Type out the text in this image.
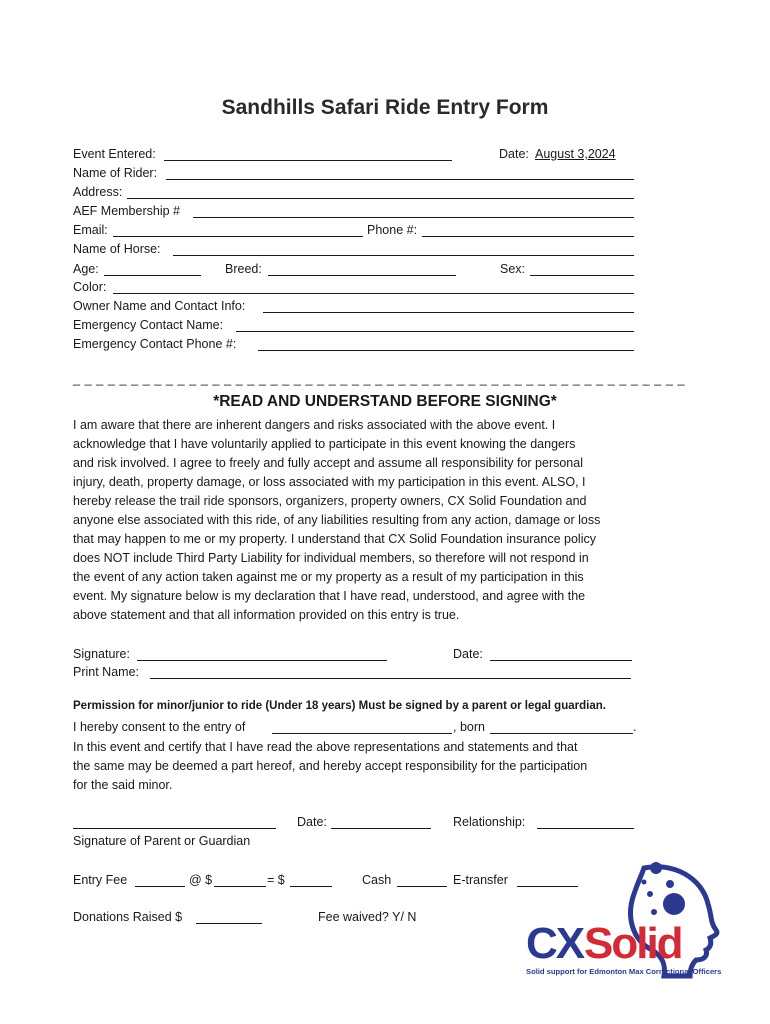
Sandhills Safari Ride Entry Form
Event Entered:	Date: August 3,2024
Name of Rider:
Address:
AEF Membership #
Email:	Phone #:
Name of Horse:
Age:	Breed:	Sex:
Color:
Owner Name and Contact Info:
Emergency Contact Name:
Emergency Contact Phone #:
_ _ _ _ _ _ _ _ _ _ _ _ _ _ _ _ _ _ _ _ _ _ _ _ _ _ _ _ _ _ _ _ _ _ _ _ _ _ _ _ _ _ _ _ _ _ _ _ _ _ _ _ _
*READ AND UNDERSTAND BEFORE SIGNING*
I am aware that there are inherent dangers and risks associated with the above event. I
acknowledge that I have voluntarily applied to participate in this event knowing the dangers
and risk involved. I agree to freely and fully accept and assume all responsibility for personal
injury, death, property damage, or loss associated with my participation in this event. ALSO, I
hereby release the trail ride sponsors, organizers, property owners, CX Solid Foundation and
anyone else associated with this ride, of any liabilities resulting from any action, damage or loss
that may happen to me or my property. I understand that CX Solid Foundation insurance policy
does NOT include Third Party Liability for individual members, so therefore will not respond in
the event of any action taken against me or my property as a result of my participation in this
event. My signature below is my declaration that I have read, understood, and agree with the
above statement and that all information provided on this entry is true.
Signature:	Date:
Print Name:
Permission for minor/junior to ride (Under 18 years) Must be signed by a parent or legal guardian.
I hereby consent to the entry of	, born	.
In this event and certify that I have read the above representations and statements and that
the same may be deemed a part hereof, and hereby accept responsibility for the participation
for the said minor.
Date:	Relationship:
Signature of Parent or Guardian
Entry Fee	@ $	= $	Cash	E-transfer
Donations Raised $	Fee waived? Y/ N
CX Solid
Solid support for Edmonton Max Correctional Officers
